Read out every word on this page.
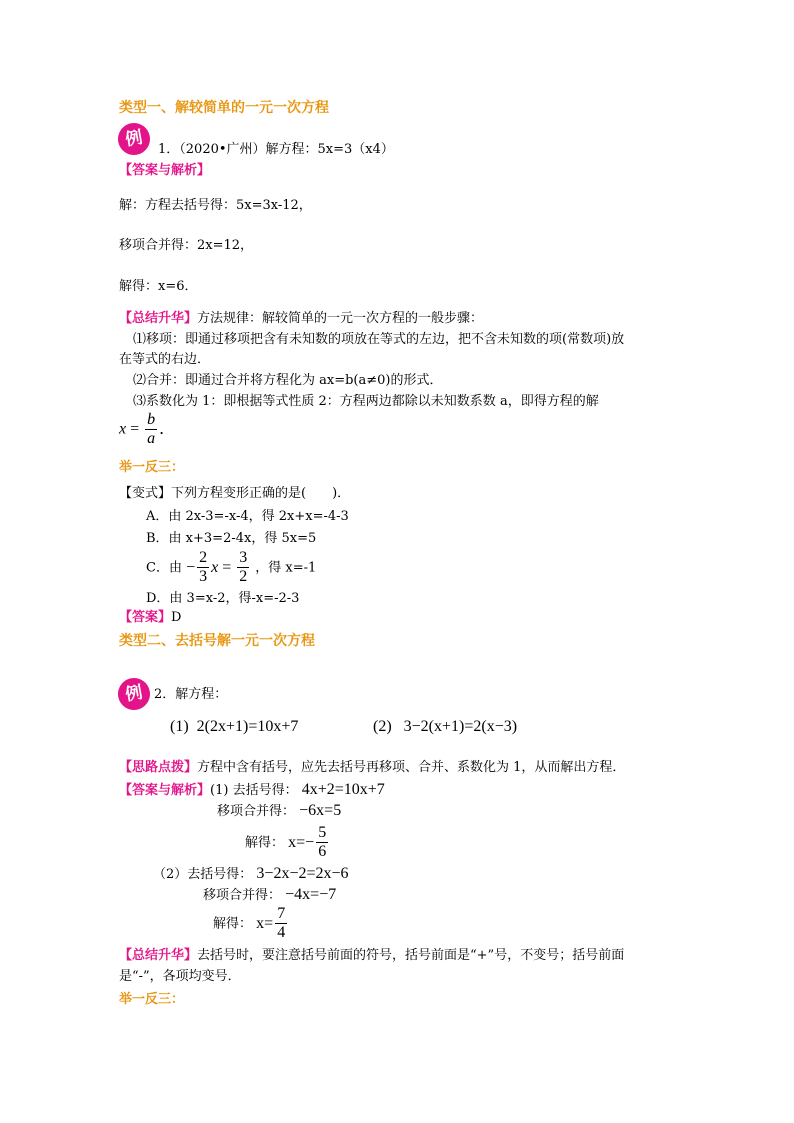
类型一、解较简单的一元一次方程
例	1．（2020•广州）解方程：5x=3（x4）
【答案与解析】
解：方程去括号得：5x=3x-12，
移项合并得：2x=12，
解得：x=6．
【总结升华】方法规律：解较简单的一元一次方程的一般步骤：
⑴移项：即通过移项把含有未知数的项放在等式的左边，把不含未知数的项(常数项)放
在等式的右边．
⑵合并：即通过合并将方程化为 ax=b(a≠0)的形式．
⑶系数化为 1：即根据等式性质 2：方程两边都除以未知数系数 a，即得方程的解
$x = \frac{b}{a}$ ．
举一反三：
【变式】下列方程变形正确的是(　　)．
A．由 2x-3=-x-4，得 2x+x=-4-3
B．由 x+3=2-4x，得 5x=5
C．由 − $\frac{2}{3}$ $x = \frac{3}{2}$ ，得 x=-1
D．由 3=x-2，得-x=-2-3
【答案】D
类型二、去括号解一元一次方程
例 2．解方程：
(1) 2(2x+1)=10x+7	(2) 3−2(x+1)=2(x−3)
【思路点拨】方程中含有括号，应先去括号再移项、合并、系数化为 1，从而解出方程．
【答案与解析】(1) 去括号得： 4x+2=10x+7
移项合并得： −6x=5
解得： $x=- \frac{5}{6}$
（2）去括号得： 3−2x−2=2x−6
移项合并得： −4x=−7
解得： $x= \frac{7}{4}$
【总结升华】去括号时，要注意括号前面的符号，括号前面是“+”号，不变号；括号前面
是“-”，各项均变号．
举一反三：
